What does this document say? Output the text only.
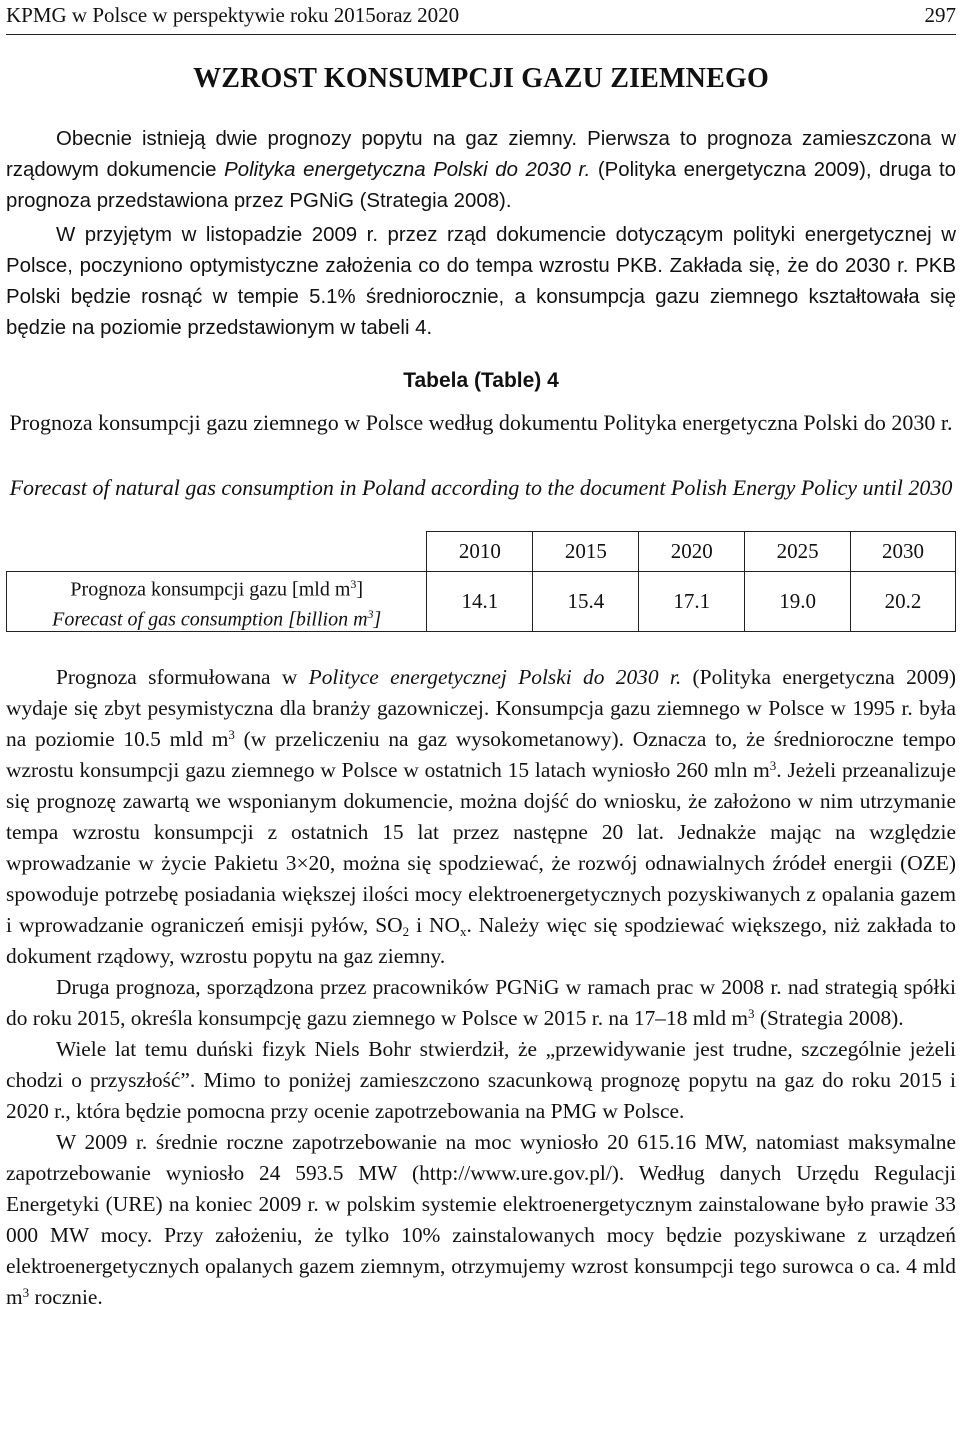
KPMG w Polsce w perspektywie roku 2015oraz 2020	297
WZROST KONSUMPCJI GAZU ZIEMNEGO

Obecnie istnieją dwie prognozy popytu na gaz ziemny. Pierwsza to prognoza zamieszczona w rządowym dokumencie Polityka energetyczna Polski do 2030 r. (Polityka energetyczna 2009), druga to prognoza przedstawiona przez PGNiG (Strategia 2008).

W przyjętym w listopadzie 2009 r. przez rząd dokumencie dotyczącym polityki energetycznej w Polsce, poczyniono optymistyczne założenia co do tempa wzrostu PKB. Zakłada się, że do 2030 r. PKB Polski będzie rosnąć w tempie 5.1% średniorocznie, a konsumpcja gazu ziemnego kształtowała się będzie na poziomie przedstawionym w tabeli 4.

Tabela (Table) 4
Prognoza konsumpcji gazu ziemnego w Polsce według dokumentu Polityka energetyczna Polski do 2030 r.
Forecast of natural gas consumption in Poland according to the document Polish Energy Policy until 2030
	2010	2015	2020	2025	2030

Prognoza konsumpcji gazu [mld $m^3$]
Forecast of gas consumption [billion $m^3$]	14.1	15.4	17.1	19.0	20.2

Prognoza sformułowana w Polityce energetycznej Polski do 2030 r. (Polityka energetyczna 2009) wydaje się zbyt pesymistyczna dla branży gazowniczej. Konsumpcja gazu ziemnego w Polsce w 1995 r. była na poziomie 10.5 mld $m^3$ (w przeliczeniu na gaz wysokometanowy). Oznacza to, że średnioroczne tempo wzrostu konsumpcji gazu ziemnego w Polsce w ostatnich 15 latach wyniosło 260 mln $m^3$. Jeżeli przeanalizuje się prognozę zawartą we wsponianym dokumencie, można dojść do wniosku, że założono w nim utrzymanie tempa wzrostu konsumpcji z ostatnich 15 lat przez następne 20 lat. Jednakże mając na względzie wprowadzanie w życie Pakietu 3×20, można się spodziewać, że rozwój odnawialnych źródeł energii (OZE) spowoduje potrzebę posiadania większej ilości mocy elektroenergetycznych pozyskiwanych z opalania gazem i wprowadzanie ograniczeń emisji pyłów, $SO_2$ i $NO_x$. Należy więc się spodziewać większego, niż zakłada to dokument rządowy, wzrostu popytu na gaz ziemny.

Druga prognoza, sporządzona przez pracowników PGNiG w ramach prac w 2008 r. nad strategią spółki do roku 2015, określa konsumpcję gazu ziemnego w Polsce w 2015 r. na 17–18 mld $m^3$ (Strategia 2008).

Wiele lat temu duński fizyk Niels Bohr stwierdził, że „przewidywanie jest trudne, szczególnie jeżeli chodzi o przyszłość”. Mimo to poniżej zamieszczono szacunkową prognozę popytu na gaz do roku 2015 i 2020 r., która będzie pomocna przy ocenie zapotrzebowania na PMG w Polsce.

W 2009 r. średnie roczne zapotrzebowanie na moc wyniosło 20 615.16 MW, natomiast maksymalne zapotrzebowanie wyniosło 24 593.5 MW (http://www.ure.gov.pl/). Według danych Urzędu Regulacji Energetyki (URE) na koniec 2009 r. w polskim systemie elektroenergetycznym zainstalowane było prawie 33 000 MW mocy. Przy założeniu, że tylko 10% zainstalowanych mocy będzie pozyskiwane z urządzeń elektroenergetycznych opalanych gazem ziemnym, otrzymujemy wzrost konsumpcji tego surowca o ca. 4 mld $m^3$ rocznie.
